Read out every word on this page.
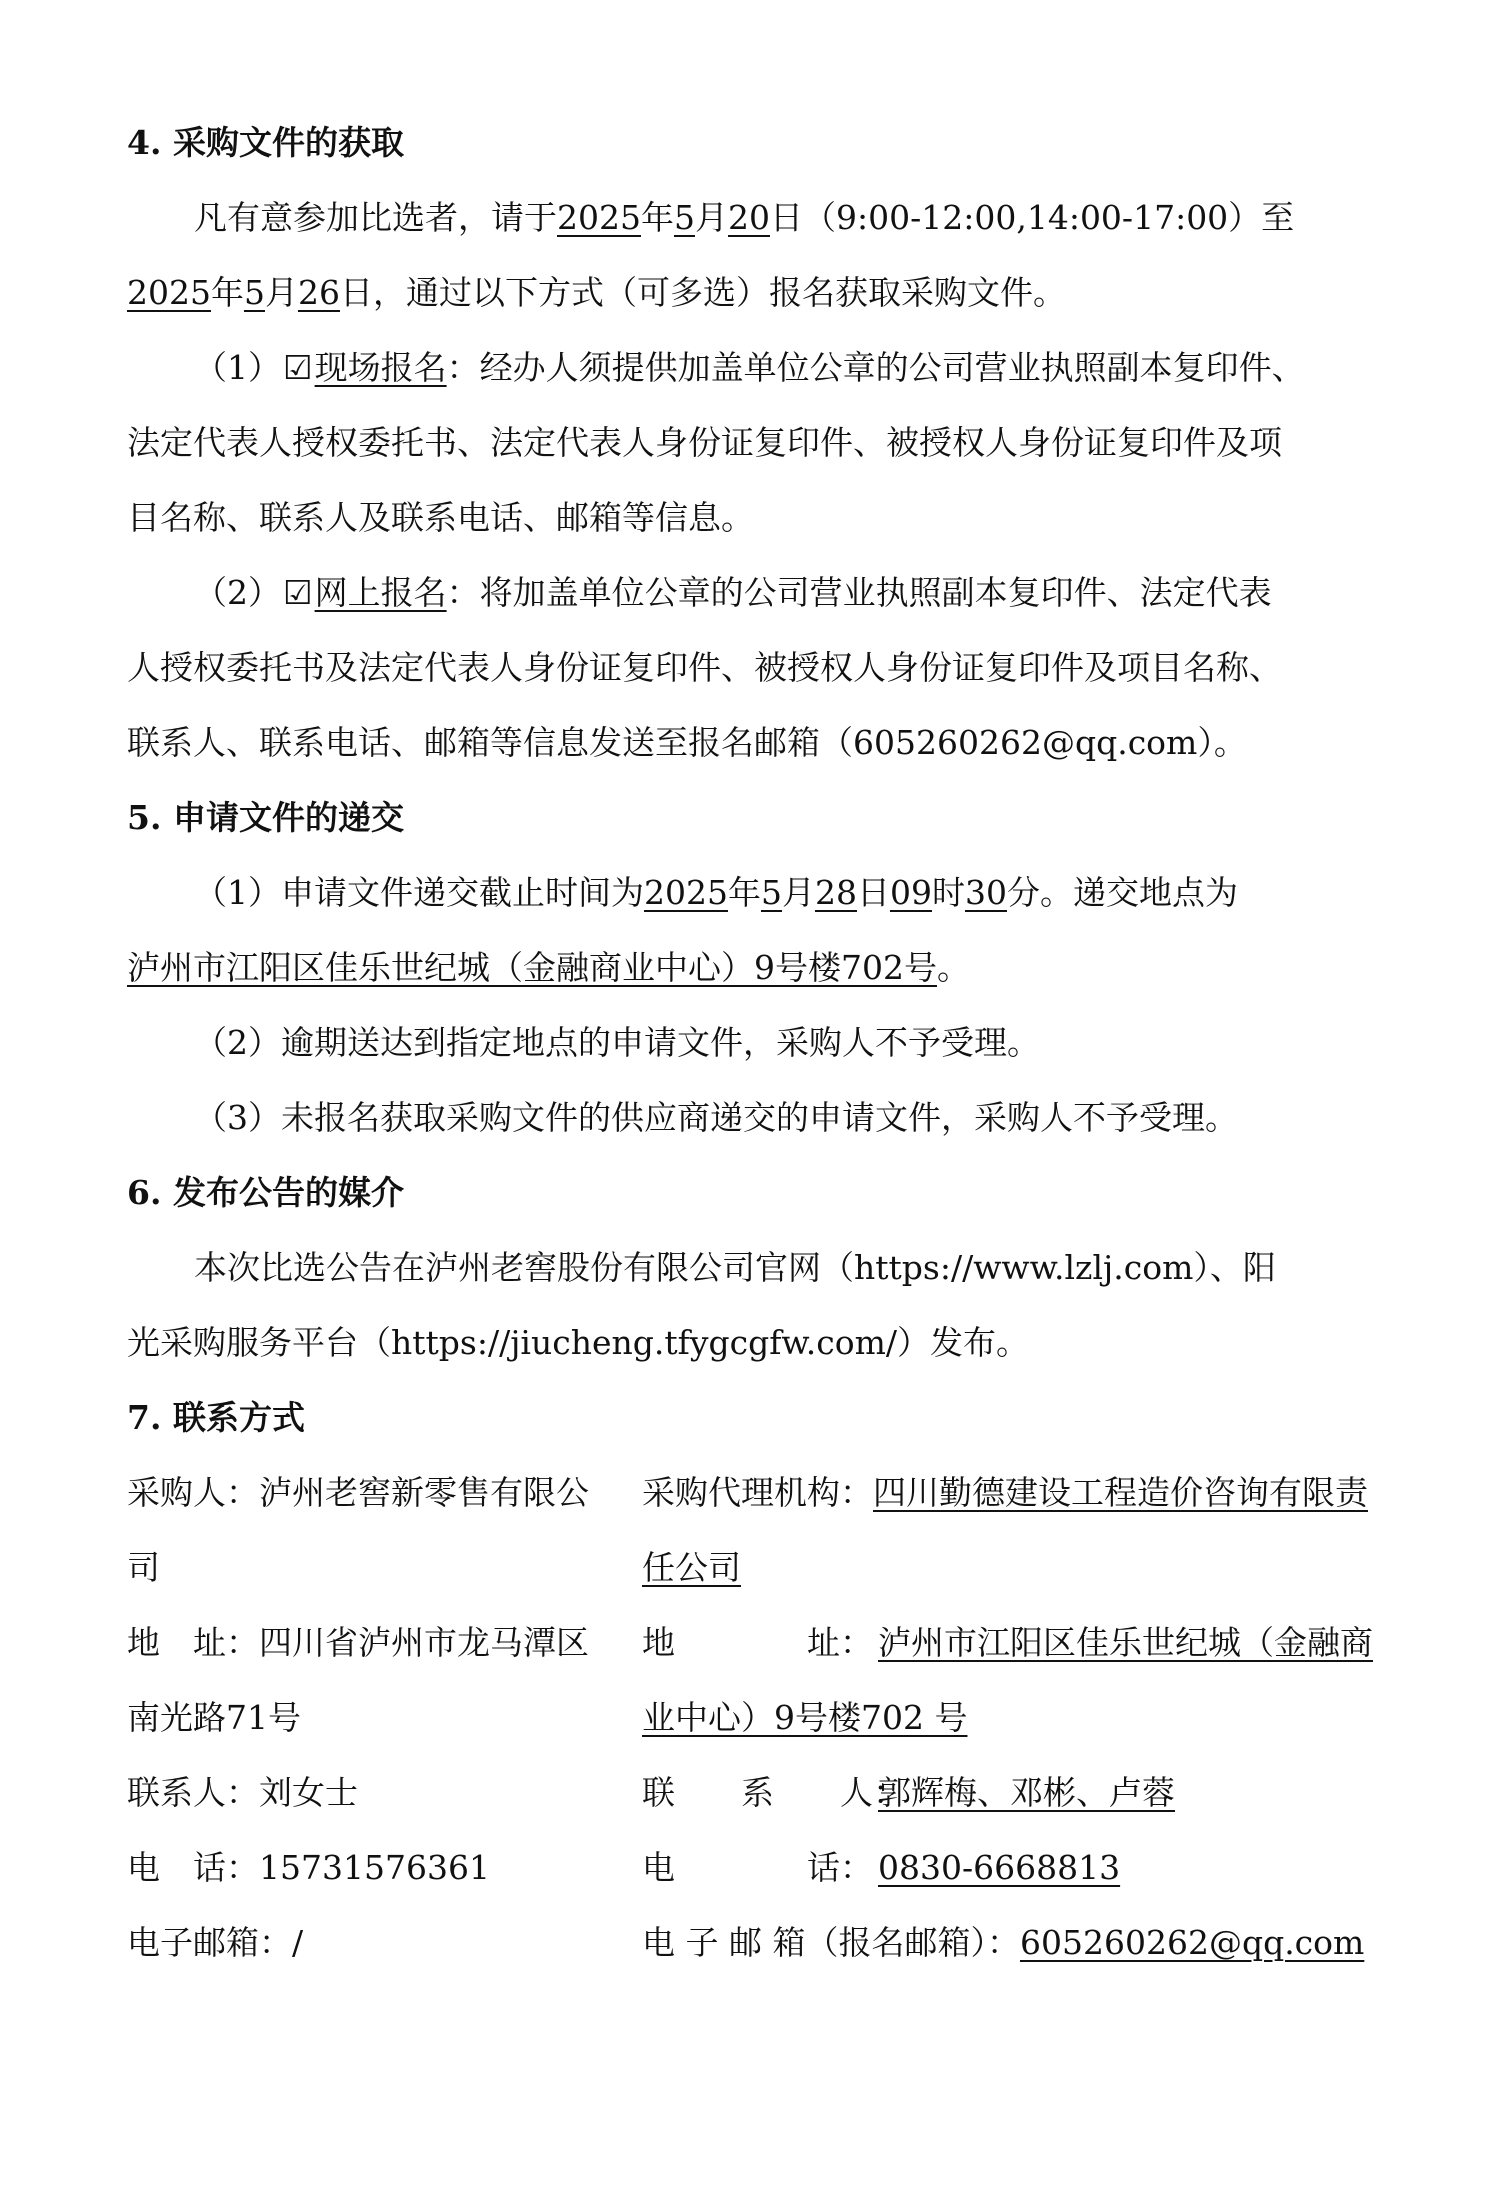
4. 采购文件的获取
凡有意参加比选者，请于2025年5月20日（9:00-12:00,14:00-17:00）至
2025年5月26日，通过以下方式（可多选）报名获取采购文件。
（1）☑现场报名：经办人须提供加盖单位公章的公司营业执照副本复印件、
法定代表人授权委托书、法定代表人身份证复印件、被授权人身份证复印件及项
目名称、联系人及联系电话、邮箱等信息。
（2）☑网上报名：将加盖单位公章的公司营业执照副本复印件、法定代表
人授权委托书及法定代表人身份证复印件、被授权人身份证复印件及项目名称、
联系人、联系电话、邮箱等信息发送至报名邮箱（605260262@qq.com）。
5. 申请文件的递交
（1）申请文件递交截止时间为2025年5月28日09时30分。递交地点为
泸州市江阳区佳乐世纪城（金融商业中心）9号楼702号。
（2）逾期送达到指定地点的申请文件，采购人不予受理。
（3）未报名获取采购文件的供应商递交的申请文件，采购人不予受理。
6. 发布公告的媒介
本次比选公告在泸州老窖股份有限公司官网（https://www.lzlj.com）、阳
光采购服务平台（https://jiucheng.tfygcgfw.com/）发布。
7. 联系方式
采购人：泸州老窖新零售有限公
司
地　址：四川省泸州市龙马潭区
南光路71号
联系人：刘女士
电　话：15731576361
电子邮箱：/
采购代理机构：四川勤德建设工程造价咨询有限责
任公司
地　　　　址： 泸州市江阳区佳乐世纪城（金融商
业中心）9号楼702 号
联　　系　　人：郭辉梅、邓彬、卢蓉
电　　　　话： 0830-6668813
电 子 邮 箱（报名邮箱）：605260262@qq.com
